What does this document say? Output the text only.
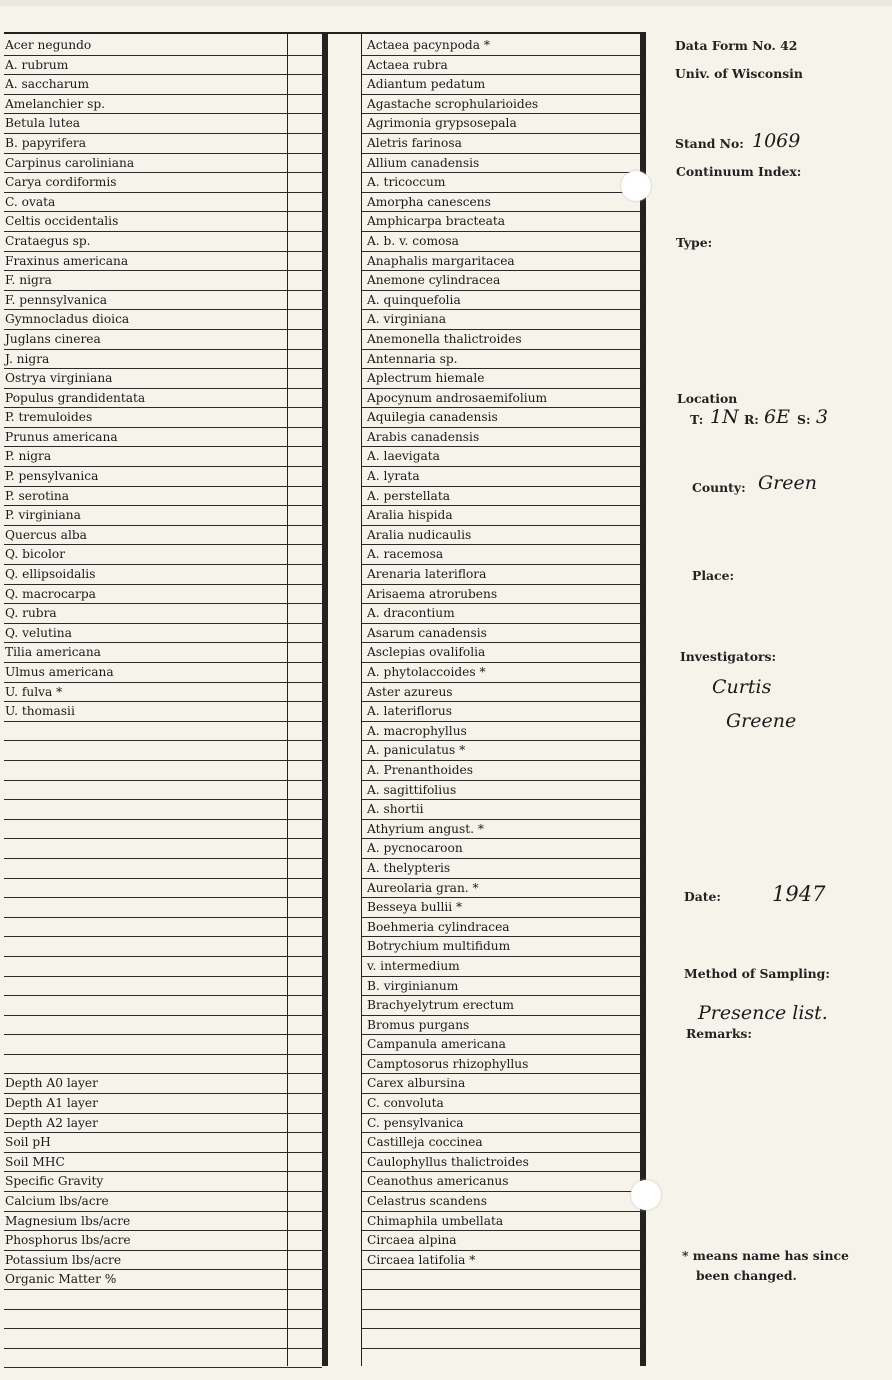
Acer negundo
A. rubrum
A. saccharum
Amelanchier sp.
Betula lutea
B. papyrifera
Carpinus caroliniana
Carya cordiformis
C. ovata
Celtis occidentalis
Crataegus sp.
Fraxinus americana
F. nigra
F. pennsylvanica
Gymnocladus dioica
Juglans cinerea
J. nigra
Ostrya virginiana
Populus grandidentata
P. tremuloides
Prunus americana
P. nigra
P. pensylvanica
P. serotina
P. virginiana
Quercus alba
Q. bicolor
Q. ellipsoidalis
Q. macrocarpa
Q. rubra
Q. velutina
Tilia americana
Ulmus americana
U. fulva *
U. thomasii
Depth A0 layer
Depth A1 layer
Depth A2 layer
Soil pH
Soil MHC
Specific Gravity
Calcium lbs/acre
Magnesium lbs/acre
Phosphorus lbs/acre
Potassium lbs/acre
Organic Matter %
Actaea pacynpoda *
Actaea rubra
Adiantum pedatum
Agastache scrophularioides
Agrimonia grypsosepala
Aletris farinosa
Allium canadensis
A. tricoccum
Amorpha canescens
Amphicarpa bracteata
A. b. v. comosa
Anaphalis margaritacea
Anemone cylindracea
A. quinquefolia
A. virginiana
Anemonella thalictroides
Antennaria sp.
Aplectrum hiemale
Apocynum androsaemifolium
Aquilegia canadensis
Arabis canadensis
A. laevigata
A. lyrata
A. perstellata
Aralia hispida
Aralia nudicaulis
A. racemosa
Arenaria lateriflora
Arisaema atrorubens
A. dracontium
Asarum canadensis
Asclepias ovalifolia
A. phytolaccoides *
Aster azureus
A. lateriflorus
A. macrophyllus
A. paniculatus *
A. Prenanthoides
A. sagittifolius
A. shortii
Athyrium angust. *
A. pycnocaroon
A. thelypteris
Aureolaria gran. *
Besseya bullii *
Boehmeria cylindracea
Botrychium multifidum
v. intermedium
B. virginianum
Brachyelytrum erectum
Bromus purgans
Campanula americana
Camptosorus rhizophyllus
Carex albursina
C. convoluta
C. pensylvanica
Castilleja coccinea
Caulophyllus thalictroides
Ceanothus americanus
Celastrus scandens
Chimaphila umbellata
Circaea alpina
Circaea latifolia *
Data Form No. 42
Univ. of Wisconsin
Stand No: 1069
Continuum Index:
Type:
Location
T: 1N R: 6E S: 3
County: Green
Place:
Investigators:
Curtis
Greene
Date: 1947
Method of Sampling:
Presence list.
Remarks:
* means name has since
been changed.
